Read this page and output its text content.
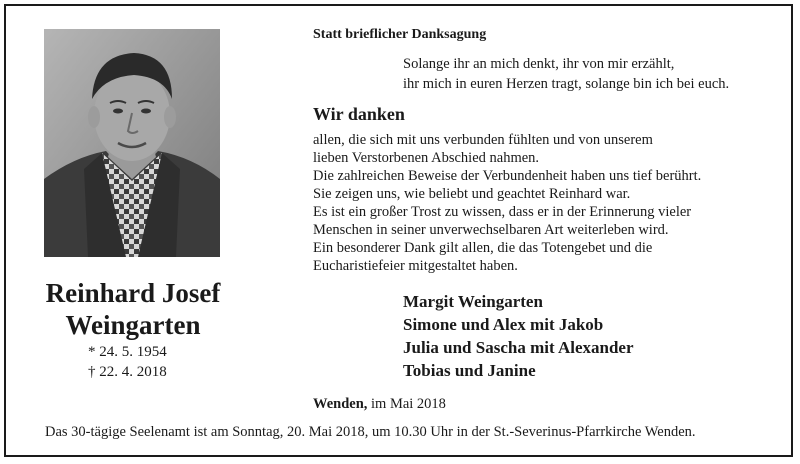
Reinhard Josef
Weingarten
* 24. 5. 1954
† 22. 4. 2018
Statt brieflicher Danksagung
Solange ihr an mich denkt, ihr von mir erzählt,
ihr mich in euren Herzen tragt, solange bin ich bei euch.
Wir danken
allen, die sich mit uns verbunden fühlten und von unserem
lieben Verstorbenen Abschied nahmen.
Die zahlreichen Beweise der Verbundenheit haben uns tief berührt.
Sie zeigen uns, wie beliebt und geachtet Reinhard war.
Es ist ein großer Trost zu wissen, dass er in der Erinnerung vieler
Menschen in seiner unverwechselbaren Art weiterleben wird.
Ein besonderer Dank gilt allen, die das Totengebet und die
Eucharistiefeier mitgestaltet haben.
Margit Weingarten
Simone und Alex mit Jakob
Julia und Sascha mit Alexander
Tobias und Janine
Wenden, im Mai 2018
Das 30-tägige Seelenamt ist am Sonntag, 20. Mai 2018, um 10.30 Uhr in der St.-Severinus-Pfarrkirche Wenden.
